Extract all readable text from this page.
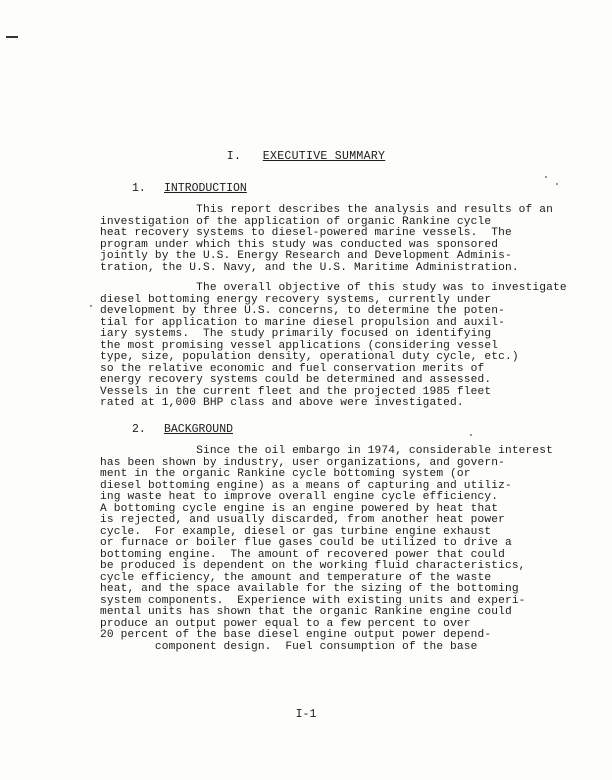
I. EXECUTIVE SUMMARY
1. INTRODUCTION
This report describes the analysis and results of an
investigation of the application of organic Rankine cycle
heat recovery systems to diesel-powered marine vessels.  The
program under which this study was conducted was sponsored
jointly by the U.S. Energy Research and Development Adminis-
tration, the U.S. Navy, and the U.S. Maritime Administration.
The overall objective of this study was to investigate
diesel bottoming energy recovery systems, currently under
development by three U.S. concerns, to determine the poten-
tial for application to marine diesel propulsion and auxil-
iary systems.  The study primarily focused on identifying
the most promising vessel applications (considering vessel
type, size, population density, operational duty cycle, etc.)
so the relative economic and fuel conservation merits of
energy recovery systems could be determined and assessed.
Vessels in the current fleet and the projected 1985 fleet
rated at 1,000 BHP class and above were investigated.
2. BACKGROUND
Since the oil embargo in 1974, considerable interest
has been shown by industry, user organizations, and govern-
ment in the organic Rankine cycle bottoming system (or
diesel bottoming engine) as a means of capturing and utiliz-
ing waste heat to improve overall engine cycle efficiency.
A bottoming cycle engine is an engine powered by heat that
is rejected, and usually discarded, from another heat power
cycle.  For example, diesel or gas turbine engine exhaust
or furnace or boiler flue gases could be utilized to drive a
bottoming engine.  The amount of recovered power that could
be produced is dependent on the working fluid characteristics,
cycle efficiency, the amount and temperature of the waste
heat, and the space available for the sizing of the bottoming
system components.  Experience with existing units and experi-
mental units has shown that the organic Rankine engine could
produce an output power equal to a few percent to over
20 percent of the base diesel engine output power depend-
component design.  Fuel consumption of the base
I-1
